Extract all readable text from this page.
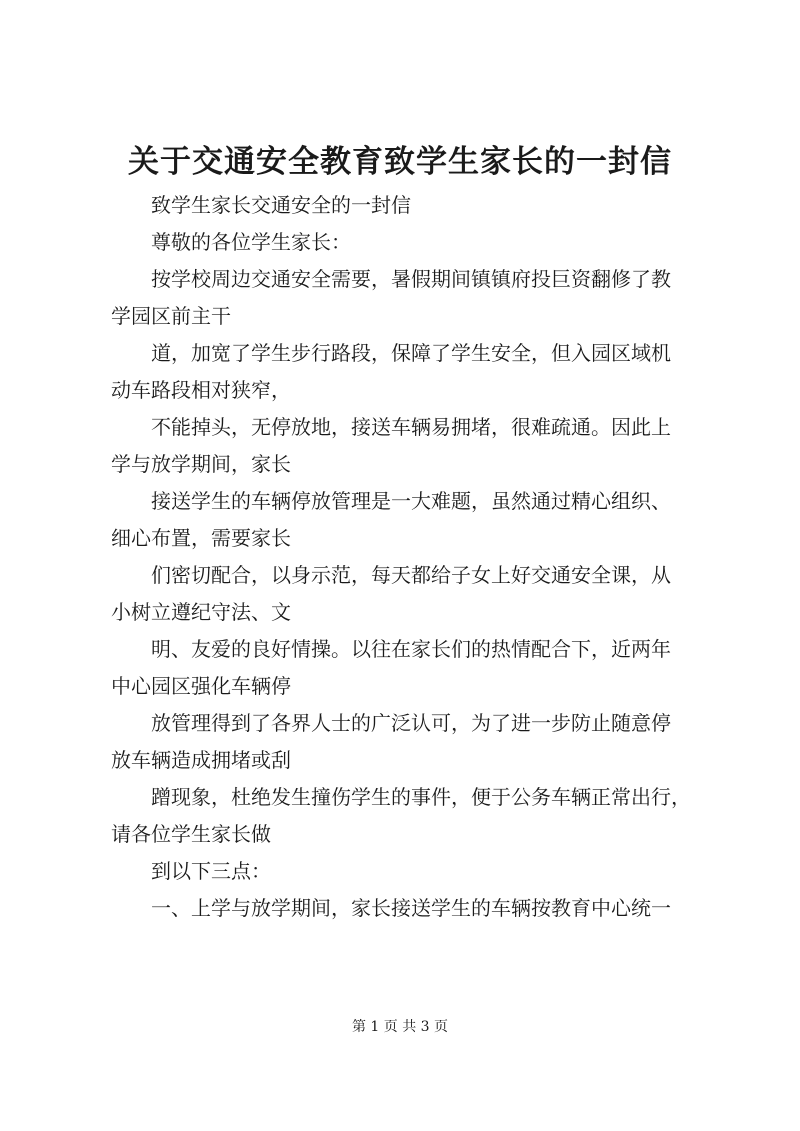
关于交通安全教育致学生家长的一封信
致学生家长交通安全的一封信
尊敬的各位学生家长：
按学校周边交通安全需要，暑假期间镇镇府投巨资翻修了教
学园区前主干
道，加宽了学生步行路段，保障了学生安全，但入园区域机
动车路段相对狭窄，
不能掉头，无停放地，接送车辆易拥堵，很难疏通。因此上
学与放学期间，家长
接送学生的车辆停放管理是一大难题，虽然通过精心组织、
细心布置，需要家长
们密切配合，以身示范，每天都给子女上好交通安全课，从
小树立遵纪守法、文
明、友爱的良好情操。以往在家长们的热情配合下，近两年
中心园区强化车辆停
放管理得到了各界人士的广泛认可，为了进一步防止随意停
放车辆造成拥堵或刮
蹭现象，杜绝发生撞伤学生的事件，便于公务车辆正常出行，
请各位学生家长做
到以下三点：
一、上学与放学期间，家长接送学生的车辆按教育中心统一
第 1 页 共 3 页
